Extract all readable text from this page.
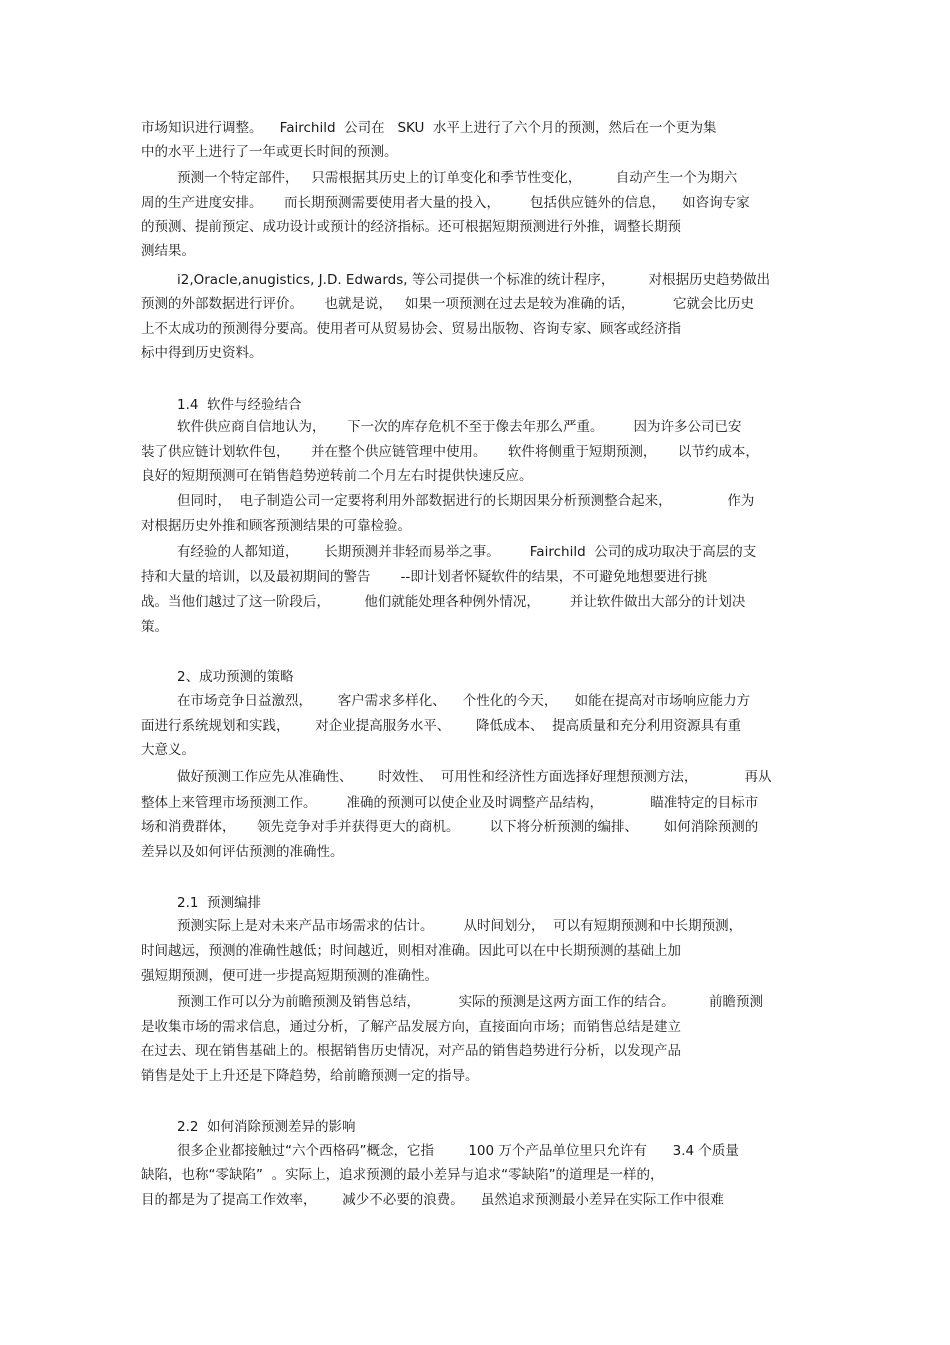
市场知识进行调整。    Fairchild  公司在   SKU  水平上进行了六个月的预测，然后在一个更为集
中的水平上进行了一年或更长时间的预测。
预测一个特定部件，   只需根据其历史上的订单变化和季节性变化，        自动产生一个为期六
周的生产进度安排。     而长期预测需要使用者大量的投入，       包括供应链外的信息，    如咨询专家
的预测、提前预定、成功设计或预计的经济指标。还可根据短期预测进行外推，调整长期预
测结果。
i2,Oracle,anugistics, J.D. Edwards, 等公司提供一个标准的统计程序，        对根据历史趋势做出
预测的外部数据进行评价。     也就是说，   如果一项预测在过去是较为准确的话，         它就会比历史
上不太成功的预测得分要高。使用者可从贸易协会、贸易出版物、咨询专家、顾客或经济指
标中得到历史资料。
1.4  软件与经验结合
软件供应商自信地认为，     下一次的库存危机不至于像去年那么严重。       因为许多公司已安
装了供应链计划软件包，     并在整个供应链管理中使用。     软件将侧重于短期预测，     以节约成本，
良好的短期预测可在销售趋势逆转前二个月左右时提供快速反应。
但同时，  电子制造公司一定要将利用外部数据进行的长期因果分析预测整合起来，             作为
对根据历史外推和顾客预测结果的可靠检验。
有经验的人都知道，      长期预测并非轻而易举之事。       Fairchild  公司的成功取决于高层的支
持和大量的培训，以及最初期间的警告       --即计划者怀疑软件的结果，不可避免地想要进行挑
战。当他们越过了这一阶段后，        他们就能处理各种例外情况，       并让软件做出大部分的计划决
策。
2、成功预测的策略
在市场竞争日益激烈，      客户需求多样化、    个性化的今天，    如能在提高对市场响应能力方
面进行系统规划和实践，      对企业提高服务水平、      降低成本、  提高质量和充分利用资源具有重
大意义。
做好预测工作应先从准确性、      时效性、  可用性和经济性方面选择好理想预测方法，           再从
整体上来管理市场预测工作。       准确的预测可以使企业及时调整产品结构，           瞄准特定的目标市
场和消费群体，     领先竞争对手并获得更大的商机。       以下将分析预测的编排、      如何消除预测的
差异以及如何评估预测的准确性。
2.1  预测编排
预测实际上是对未来产品市场需求的估计。       从时间划分，  可以有短期预测和中长期预测，
时间越远，预测的准确性越低；时间越近，则相对准确。因此可以在中长期预测的基础上加
强短期预测，便可进一步提高短期预测的准确性。
预测工作可以分为前瞻预测及销售总结，         实际的预测是这两方面工作的结合。        前瞻预测
是收集市场的需求信息，通过分析，了解产品发展方向，直接面向市场；而销售总结是建立
在过去、现在销售基础上的。根据销售历史情况，对产品的销售趋势进行分析，以发现产品
销售是处于上升还是下降趋势，给前瞻预测一定的指导。
2.2  如何消除预测差异的影响
很多企业都接触过“六个西格码”概念，它指        100 万个产品单位里只允许有      3.4 个质量
缺陷，也称“零缺陷”  。实际上，追求预测的最小差异与追求“零缺陷”的道理是一样的，
目的都是为了提高工作效率，      减少不必要的浪费。    虽然追求预测最小差异在实际工作中很难
